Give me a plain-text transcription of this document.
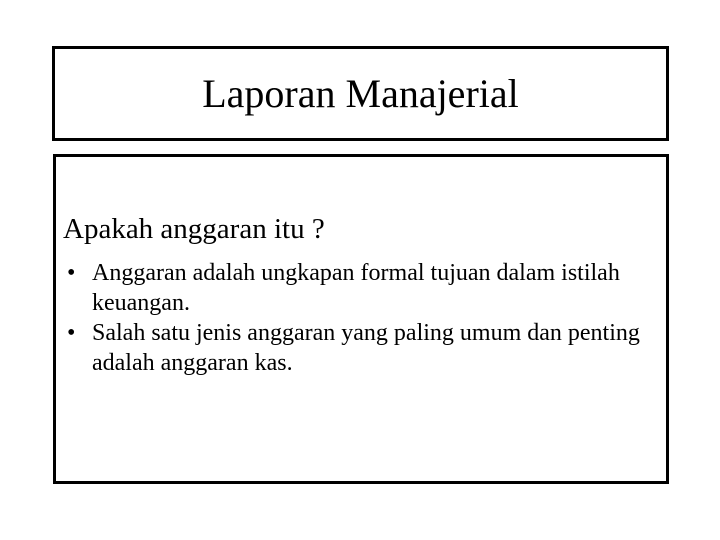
Laporan Manajerial
Apakah anggaran itu ?
• Anggaran adalah ungkapan formal tujuan dalam istilah keuangan.
• Salah satu jenis anggaran yang paling umum dan penting adalah anggaran kas.
